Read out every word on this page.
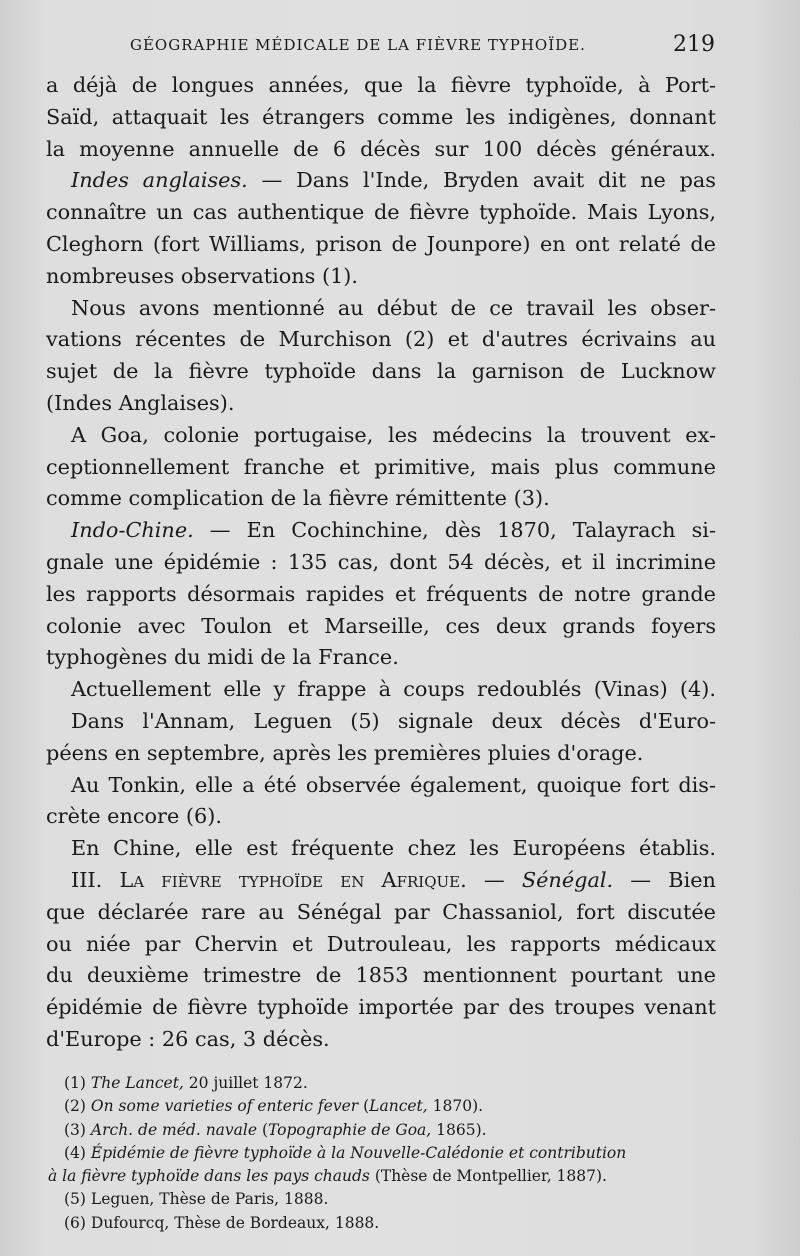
GÉOGRAPHIE MÉDICALE DE LA FIÈVRE TYPHOÏDE.	219
a déjà de longues années, que la fièvre typhoïde, à Port-
Saïd, attaquait les étrangers comme les indigènes, donnant
la moyenne annuelle de 6 décès sur 100 décès généraux.
Indes anglaises. — Dans l'Inde, Bryden avait dit ne pas
connaître un cas authentique de fièvre typhoïde. Mais Lyons,
Cleghorn (fort Williams, prison de Jounpore) en ont relaté de
nombreuses observations (1).
Nous avons mentionné au début de ce travail les obser-
vations récentes de Murchison (2) et d'autres écrivains au
sujet de la fièvre typhoïde dans la garnison de Lucknow
(Indes Anglaises).
A Goa, colonie portugaise, les médecins la trouvent ex-
ceptionnellement franche et primitive, mais plus commune
comme complication de la fièvre rémittente (3).
Indo-Chine. — En Cochinchine, dès 1870, Talayrach si-
gnale une épidémie : 135 cas, dont 54 décès, et il incrimine
les rapports désormais rapides et fréquents de notre grande
colonie avec Toulon et Marseille, ces deux grands foyers
typhogènes du midi de la France.
Actuellement elle y frappe à coups redoublés (Vinas) (4).
Dans l'Annam, Leguen (5) signale deux décès d'Euro-
péens en septembre, après les premières pluies d'orage.
Au Tonkin, elle a été observée également, quoique fort dis-
crète encore (6).
En Chine, elle est fréquente chez les Européens établis.
III. La fièvre typhoïde en Afrique. — Sénégal. — Bien
que déclarée rare au Sénégal par Chassaniol, fort discutée
ou niée par Chervin et Dutrouleau, les rapports médicaux
du deuxième trimestre de 1853 mentionnent pourtant une
épidémie de fièvre typhoïde importée par des troupes venant
d'Europe : 26 cas, 3 décès.
(1) The Lancet, 20 juillet 1872.
(2) On some varieties of enteric fever (Lancet, 1870).
(3) Arch. de méd. navale (Topographie de Goa, 1865).
(4) Épidémie de fièvre typhoïde à la Nouvelle-Calédonie et contribution
à la fièvre typhoïde dans les pays chauds (Thèse de Montpellier, 1887).
(5) Leguen, Thèse de Paris, 1888.
(6) Dufourcq, Thèse de Bordeaux, 1888.
